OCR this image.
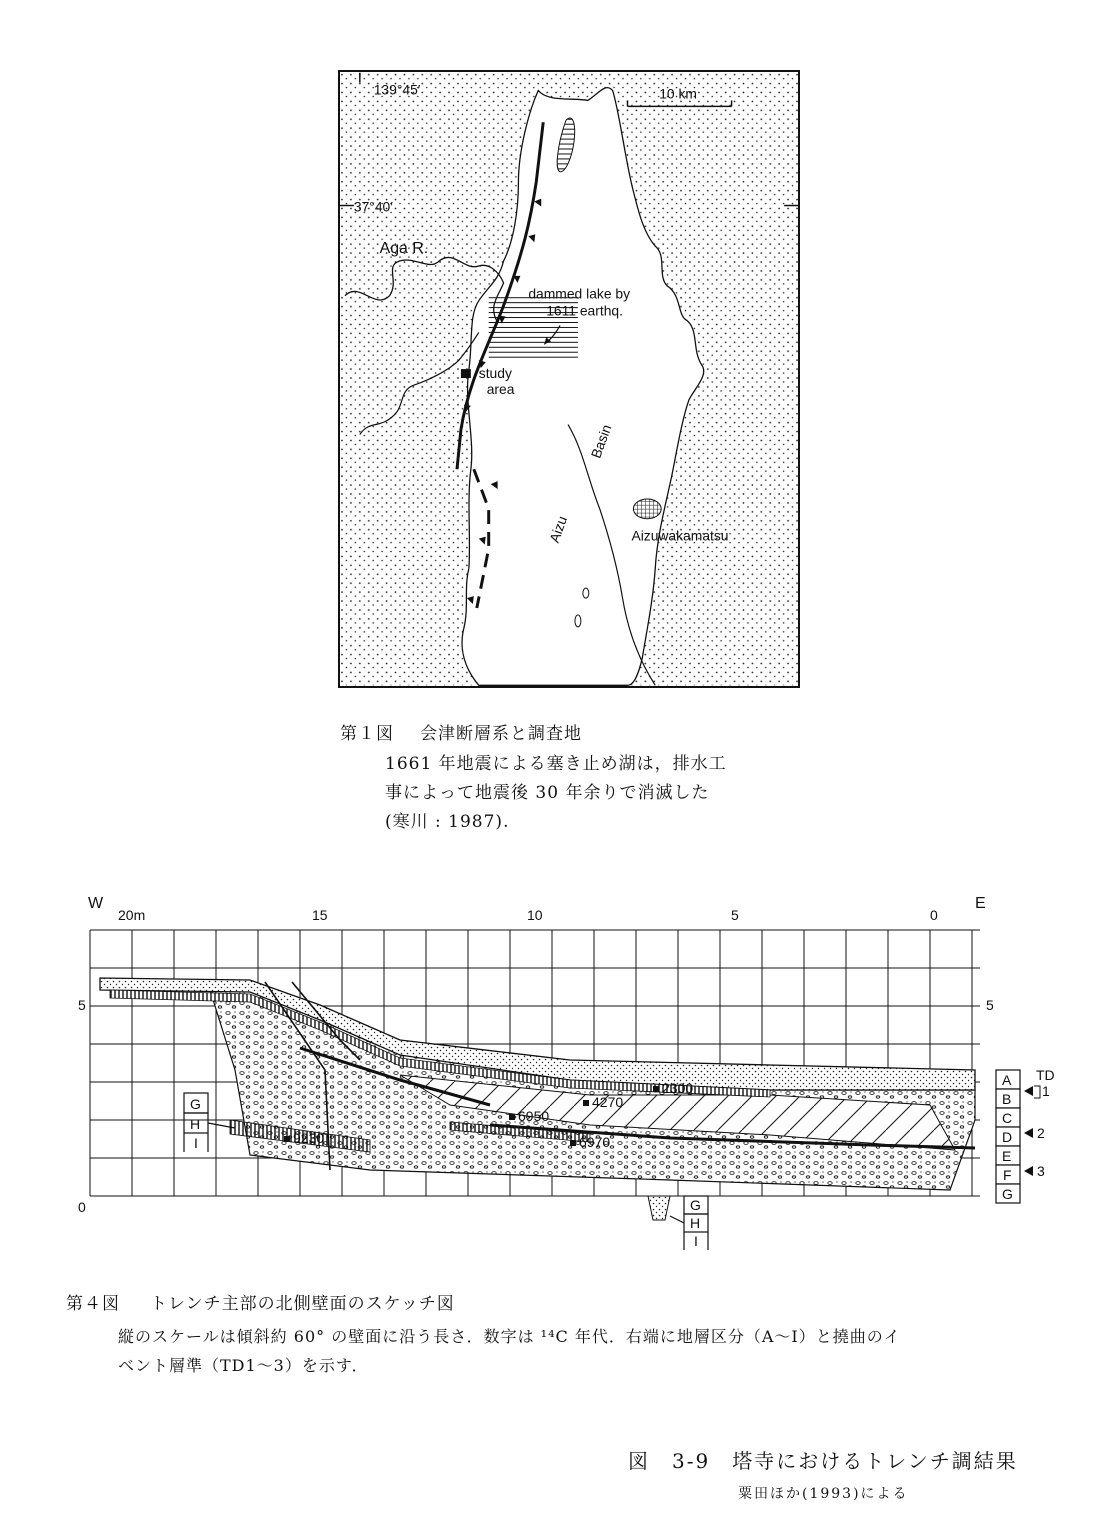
139°45′
37°40′
10 km
Aga R.
dammed lake by
1611 earthq.
study
area
Aizu
Basin
Aizuwakamatsu
第１図 会津断層系と調査地
1661 年地震による塞き止め湖は，排水工
事によって地震後 30 年余りで消滅した
(寒川 : 1987).
4270
2300
6950
9230	6970
W	E
20m	15	10	5	0
5
0
5
A
B
C
D
E
F
G
TD
1
2
3
G
H
I
G
H
I
第４図 トレンチ主部の北側壁面のスケッチ図
縦のスケールは傾斜約 60° の壁面に沿う長さ．数字は ¹⁴C 年代．右端に地層区分（A〜I）と撓曲のイ
ベント層準（TD1〜3）を示す．
図　3-9　塔寺におけるトレンチ調結果
粟田ほか(1993)による
